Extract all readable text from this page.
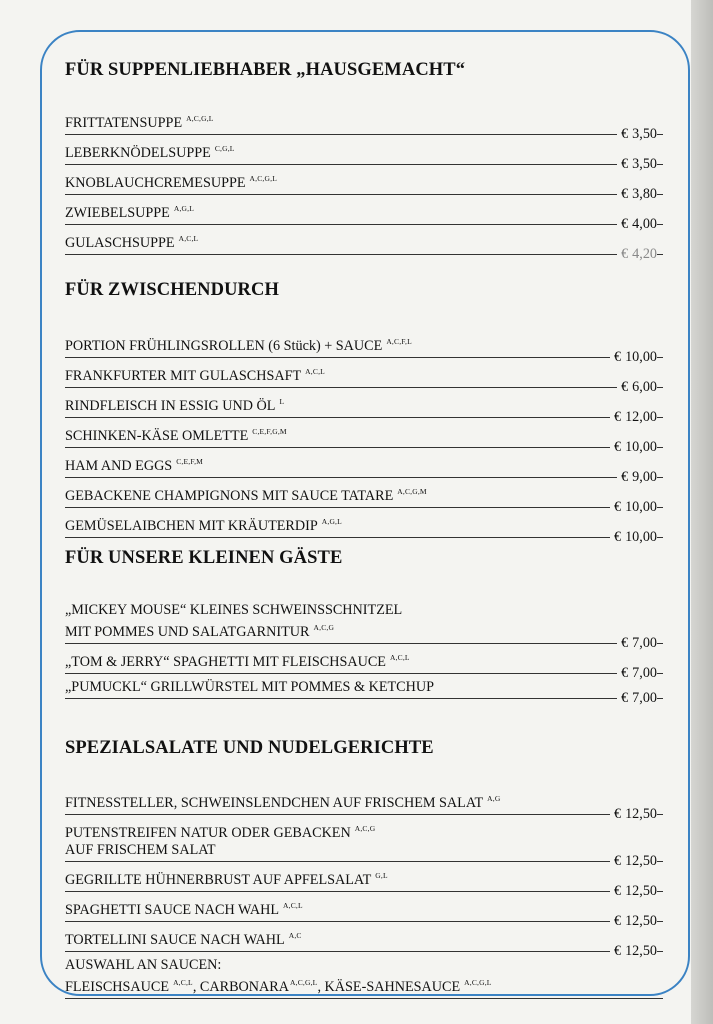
FÜR SUPPENLIEBHABER „HAUSGEMACHT“
FRITTATENSUPPE $^{A,C,G,L}$
€ 3,50
LEBERKNÖDELSUPPE $^{C,G,L}$
€ 3,50
KNOBLAUCHCREMESUPPE $^{A,C,G,L}$
€ 3,80
ZWIEBELSUPPE $^{A,G,L}$
€ 4,00
GULASCHSUPPE $^{A,C,L}$
€ 4,20
FÜR ZWISCHENDURCH
PORTION FRÜHLINGSROLLEN (6 Stück) + SAUCE $^{A,C,F,L}$
€ 10,00
FRANKFURTER MIT GULASCHSAFT $^{A,C,L}$
€ 6,00
RINDFLEISCH IN ESSIG UND ÖL $^L$
€ 12,00
SCHINKEN-KÄSE OMLETTE $^{C,E,F,G,M}$
€ 10,00
HAM AND EGGS $^{C,E,F,M}$
€ 9,00
GEBACKENE CHAMPIGNONS MIT SAUCE TATARE $^{A,C,G,M}$
€ 10,00
GEMÜSELAIBCHEN MIT KRÄUTERDIP $^{A,G,L}$
€ 10,00
FÜR UNSERE KLEINEN GÄSTE
„MICKEY MOUSE“ KLEINES SCHWEINSSCHNITZEL
MIT POMMES UND SALATGARNITUR $^{A,C,G}$
€ 7,00
„TOM & JERRY“ SPAGHETTI MIT FLEISCHSAUCE $^{A,C,L}$
€ 7,00
„PUMUCKL“ GRILLWÜRSTEL MIT POMMES & KETCHUP
€ 7,00
SPEZIALSALATE UND NUDELGERICHTE
FITNESSTELLER, SCHWEINSLENDCHEN AUF FRISCHEM SALAT $^{A,G}$
€ 12,50
PUTENSTREIFEN NATUR ODER GEBACKEN $^{A,C,G}$
AUF FRISCHEM SALAT
€ 12,50
GEGRILLTE HÜHNERBRUST AUF APFELSALAT $^{G,L}$
€ 12,50
SPAGHETTI SAUCE NACH WAHL $^{A,C,L}$
€ 12,50
TORTELLINI SAUCE NACH WAHL $^{A,C}$
€ 12,50
AUSWAHL AN SAUCEN:
FLEISCHSAUCE $^{A,C,L}$, $CARBONARA^{A,C,G,L}$, KÄSE-SAHNESAUCE $^{A,C,G,L}$
